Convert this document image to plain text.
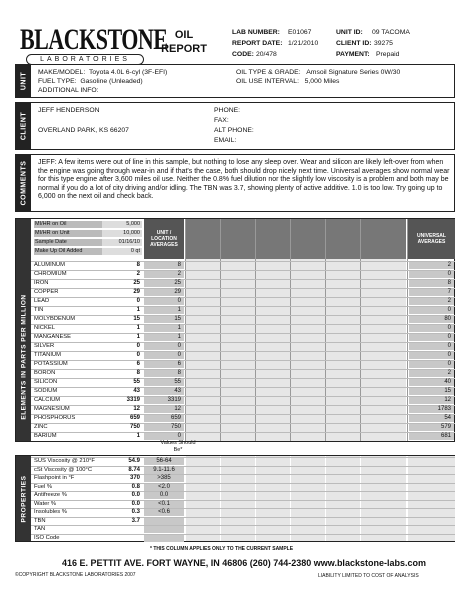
BLACKSTONE
LABORATORIES
OIL
REPORT
LAB NUMBER: E01067
REPORT DATE: 1/21/2010
CODE: 20/478
UNIT ID: 09 TACOMA
CLIENT ID: 39275
PAYMENT: Prepaid
UNIT MAKE/MODEL: Toyota 4.0L 6-cyl (3F-EFI)
FUEL TYPE: Gasoline (Unleaded)
ADDITIONAL INFO:
OIL TYPE & GRADE: Amsoil Signature Series 0W/30
OIL USE INTERVAL: 5,000 Miles
CLIENT
JEFF HENDERSON
OVERLAND PARK, KS 66207
PHONE:
FAX:
ALT PHONE:
EMAIL:
COMMENTS JEFF: A few items were out of line in this sample, but nothing to lose any sleep over. Wear and silicon are likely left-over from when the engine was going through wear-in and if that's the case, both should drop nicely next time. Universal averages show normal wear for this type engine after 3,600 miles oil use. Neither the 0.8% fuel dilution nor the slightly low viscosity is a problem and both may be normal if you do a lot of city driving and/or idling. The TBN was 3.7, showing plenty of active additive. 1.0 is too low. Try going up to 6,000 on the next oil and check back.
ELEMENTS IN PARTS PER MILLION
UNIT / LOCATION AVERAGES
UNIVERSAL AVERAGES
MI/HR on Oil	5,000
MI/HR on Unit	10,000
Sample Date	01/16/10
Make Up Oil Added	0 qt
ALUMINUM	8	8	2
CHROMIUM	2	2	0
IRON	25	25	8
COPPER	29	29	7
LEAD	0	0	2
TIN	1	1	0
MOLYBDENUM	15	15	80
NICKEL	1	1	0
MANGANESE	1	1	0
SILVER	0	0	0
TITANIUM	0	0	0
POTASSIUM	6	6	0
BORON	8	8	2
SILICON	55	55	40
SODIUM	43	43	15
CALCIUM	3319	3319	12
MAGNESIUM	12	12	1783
PHOSPHORUS	659	659	54
ZINC	750	750	579
BARIUM	1	0	681
Values Should Be*
PROPERTIES
SUS Viscosity @ 210°F	54.9	56-64
cSt Viscosity @ 100°C	8.74	9.1-11.6
Flashpoint in °F	370	>385
Fuel %	0.8	<2.0
Antifreeze %	0.0	0.0
Water %	0.0	<0.1
Insolubles %	0.3	<0.6
TBN	3.7
TAN
ISO Code
* THIS COLUMN APPLIES ONLY TO THE CURRENT SAMPLE
416 E. PETTIT AVE. FORT WAYNE, IN 46806 (260) 744-2380 www.blackstone-labs.com
©COPYRIGHT BLACKSTONE LABORATORIES 2007	LIABILITY LIMITED TO COST OF ANALYSIS
